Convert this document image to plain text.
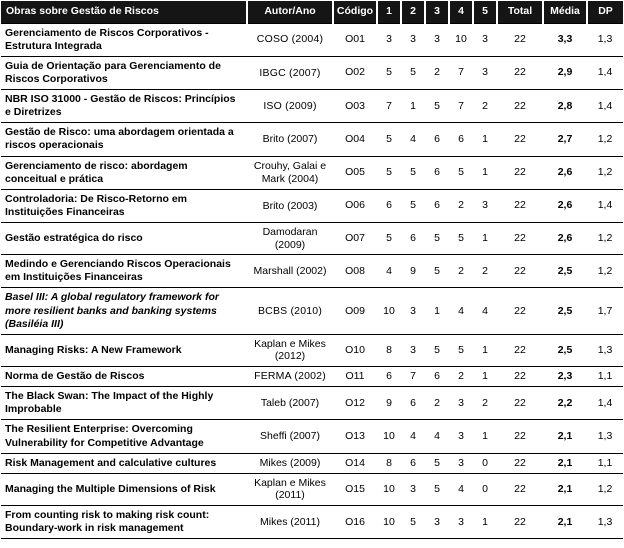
Obras sobre Gestão de Riscos	Autor/Ano	Código	1	2	3	4	5	Total	Média	DP
Gerenciamento de Riscos Corporativos - Estrutura Integrada	COSO (2004)	O01	3	3	3	10	3	22	3,3	1,3
Guia de Orientação para Gerenciamento de Riscos Corporativos	IBGC (2007)	O02	5	5	2	7	3	22	2,9	1,4
NBR ISO 31000 - Gestão de Riscos: Princípios e Diretrizes	ISO (2009)	O03	7	1	5	7	2	22	2,8	1,4
Gestão de Risco: uma abordagem orientada a riscos operacionais	Brito (2007)	O04	5	4	6	6	1	22	2,7	1,2
Gerenciamento de risco: abordagem conceitual e prática	Crouhy, Galai e Mark (2004)	O05	5	5	6	5	1	22	2,6	1,2
Controladoria: De Risco-Retorno em Instituições Financeiras	Brito (2003)	O06	6	5	6	2	3	22	2,6	1,4
Gestão estratégica do risco	Damodaran (2009)	O07	5	6	5	5	1	22	2,6	1,2
Medindo e Gerenciando Riscos Operacionais em Instituições Financeiras	Marshall (2002)	O08	4	9	5	2	2	22	2,5	1,2
Basel III: A global regulatory framework for more resilient banks and banking systems (Basiléia III)	BCBS (2010)	O09	10	3	1	4	4	22	2,5	1,7
Managing Risks: A New Framework	Kaplan e Mikes (2012)	O10	8	3	5	5	1	22	2,5	1,3
Norma de Gestão de Riscos	FERMA (2002)	O11	6	7	6	2	1	22	2,3	1,1
The Black Swan: The Impact of the Highly Improbable	Taleb (2007)	O12	9	6	2	3	2	22	2,2	1,4
The Resilient Enterprise: Overcoming Vulnerability for Competitive Advantage	Sheffi (2007)	O13	10	4	4	3	1	22	2,1	1,3
Risk Management and calculative cultures	Mikes (2009)	O14	8	6	5	3	0	22	2,1	1,1
Managing the Multiple Dimensions of Risk	Kaplan e Mikes (2011)	O15	10	3	5	4	0	22	2,1	1,2
From counting risk to making risk count: Boundary-work in risk management	Mikes (2011)	O16	10	5	3	3	1	22	2,1	1,3
